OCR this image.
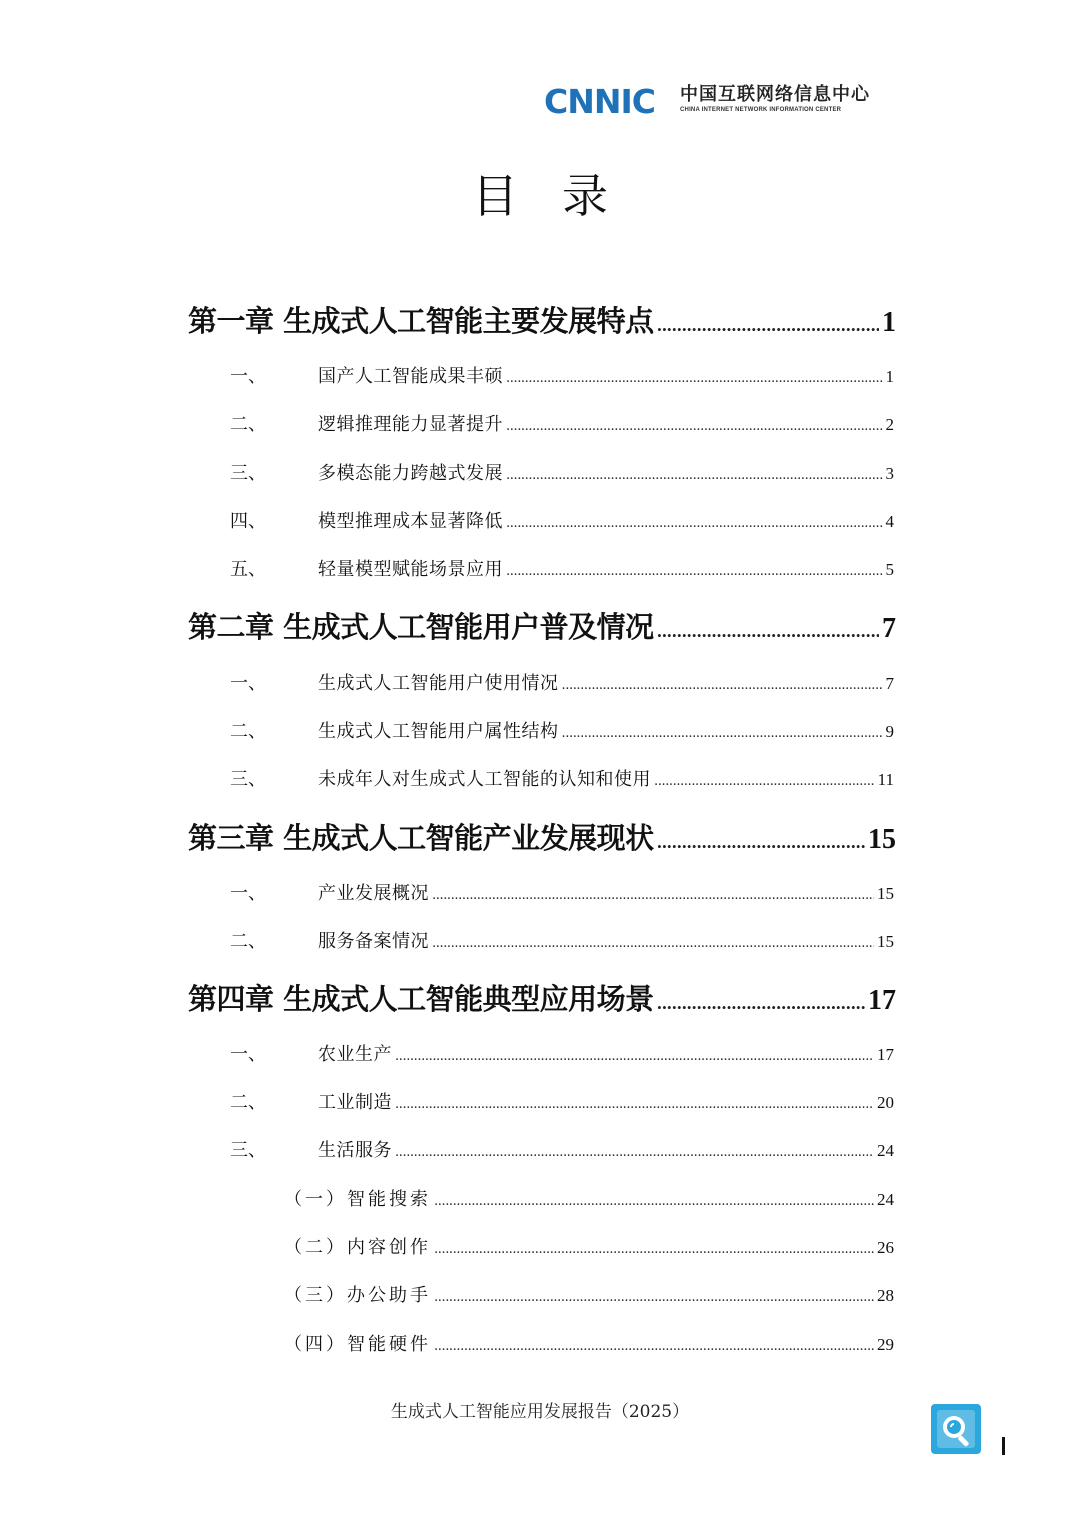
CNNIC	中国互联网络信息中心
CHINA INTERNET NETWORK INFORMATION CENTER
目录
第一章 生成式人工智能主要发展特点 .....	1
一、	国产人工智能成果丰硕 .....	1
二、	逻辑推理能力显著提升 .....	2
三、	多模态能力跨越式发展 .....	3
四、	模型推理成本显著降低 .....	4
五、	轻量模型赋能场景应用 .....	5
第二章 生成式人工智能用户普及情况 .....	7
一、	生成式人工智能用户使用情况 .....	7
二、	生成式人工智能用户属性结构 .....	9
三、	未成年人对生成式人工智能的认知和使用 .....	11
第三章 生成式人工智能产业发展现状 .....	15
一、	产业发展概况 .....	15
二、	服务备案情况 .....	15
第四章 生成式人工智能典型应用场景 .....	17
一、	农业生产 .....	17
二、	工业制造 .....	20
三、	生活服务 .....	24
（一）智能搜索 .....	24
（二）内容创作 .....	26
（三）办公助手 .....	28
（四）智能硬件 .....	29
生成式人工智能应用发展报告（2025）
